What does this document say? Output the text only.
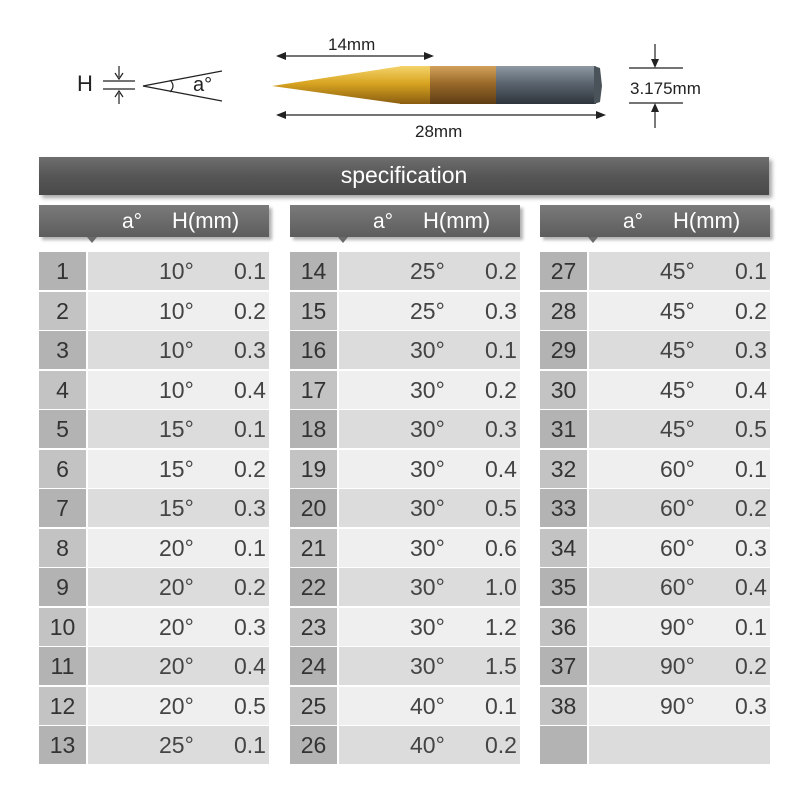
H	a°
14mm
28mm
3.175mm
specification
a° H(mm)
1	10° 0.1
2	10° 0.2
3	10° 0.3
4	10° 0.4
5	15° 0.1
6	15° 0.2
7	15° 0.3
8	20° 0.1
9	20° 0.2
10	20° 0.3
11	20° 0.4
12	20° 0.5
13	25° 0.1
a° H(mm)
14	25° 0.2
15	25° 0.3
16	30° 0.1
17	30° 0.2
18	30° 0.3
19	30° 0.4
20	30° 0.5
21	30° 0.6
22	30° 1.0
23	30° 1.2
24	30° 1.5
25	40° 0.1
26	40° 0.2
a° H(mm)
27	45° 0.1
28	45° 0.2
29	45° 0.3
30	45° 0.4
31	45° 0.5
32	60° 0.1
33	60° 0.2
34	60° 0.3
35	60° 0.4
36	90° 0.1
37	90° 0.2
38	90° 0.3
